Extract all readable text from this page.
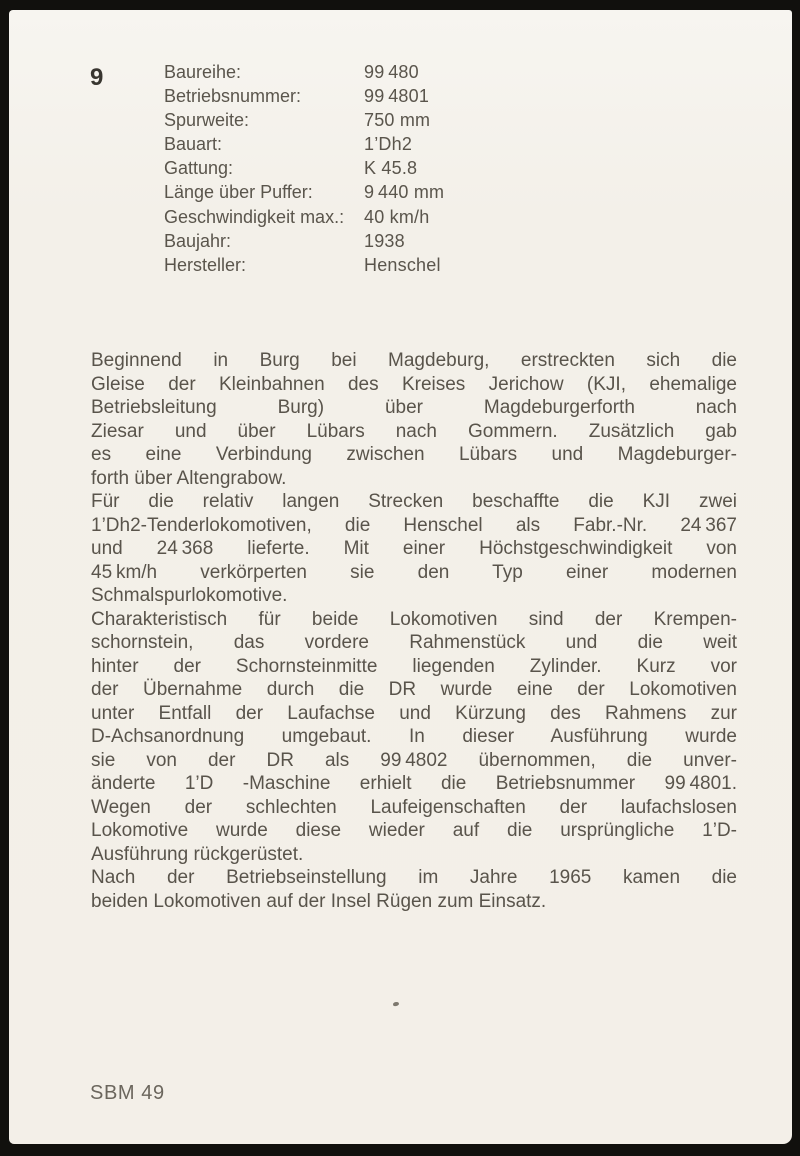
9	Baureihe:	99 480
Betriebsnummer:	99 4801
Spurweite:	750 mm
Bauart:	1’Dh2
Gattung:	K 45.8
Länge über Puffer:	9 440 mm
Geschwindigkeit max.:	40 km/h
Baujahr:	1938
Hersteller:	Henschel
Beginnend in Burg bei Magdeburg, erstreckten sich die
Gleise der Kleinbahnen des Kreises Jerichow (KJI, ehemalige
Betriebsleitung Burg) über Magdeburgerforth nach
Ziesar und über Lübars nach Gommern. Zusätzlich gab
es eine Verbindung zwischen Lübars und Magdeburger-
forth über Altengrabow.
Für die relativ langen Strecken beschaffte die KJI zwei
1’Dh2-Tenderlokomotiven, die Henschel als Fabr.-Nr. 24 367
und 24 368 lieferte. Mit einer Höchstgeschwindigkeit von
45 km/h verkörperten sie den Typ einer modernen
Schmalspurlokomotive.
Charakteristisch für beide Lokomotiven sind der Krempen-
schornstein, das vordere Rahmenstück und die weit
hinter der Schornsteinmitte liegenden Zylinder. Kurz vor
der Übernahme durch die DR wurde eine der Lokomotiven
unter Entfall der Laufachse und Kürzung des Rahmens zur
D-Achsanordnung umgebaut. In dieser Ausführung wurde
sie von der DR als 99 4802 übernommen, die unver-
änderte 1’D -Maschine erhielt die Betriebsnummer 99 4801.
Wegen der schlechten Laufeigenschaften der laufachslosen
Lokomotive wurde diese wieder auf die ursprüngliche 1’D-
Ausführung rückgerüstet.
Nach der Betriebseinstellung im Jahre 1965 kamen die
beiden Lokomotiven auf der Insel Rügen zum Einsatz.
SBM 49
